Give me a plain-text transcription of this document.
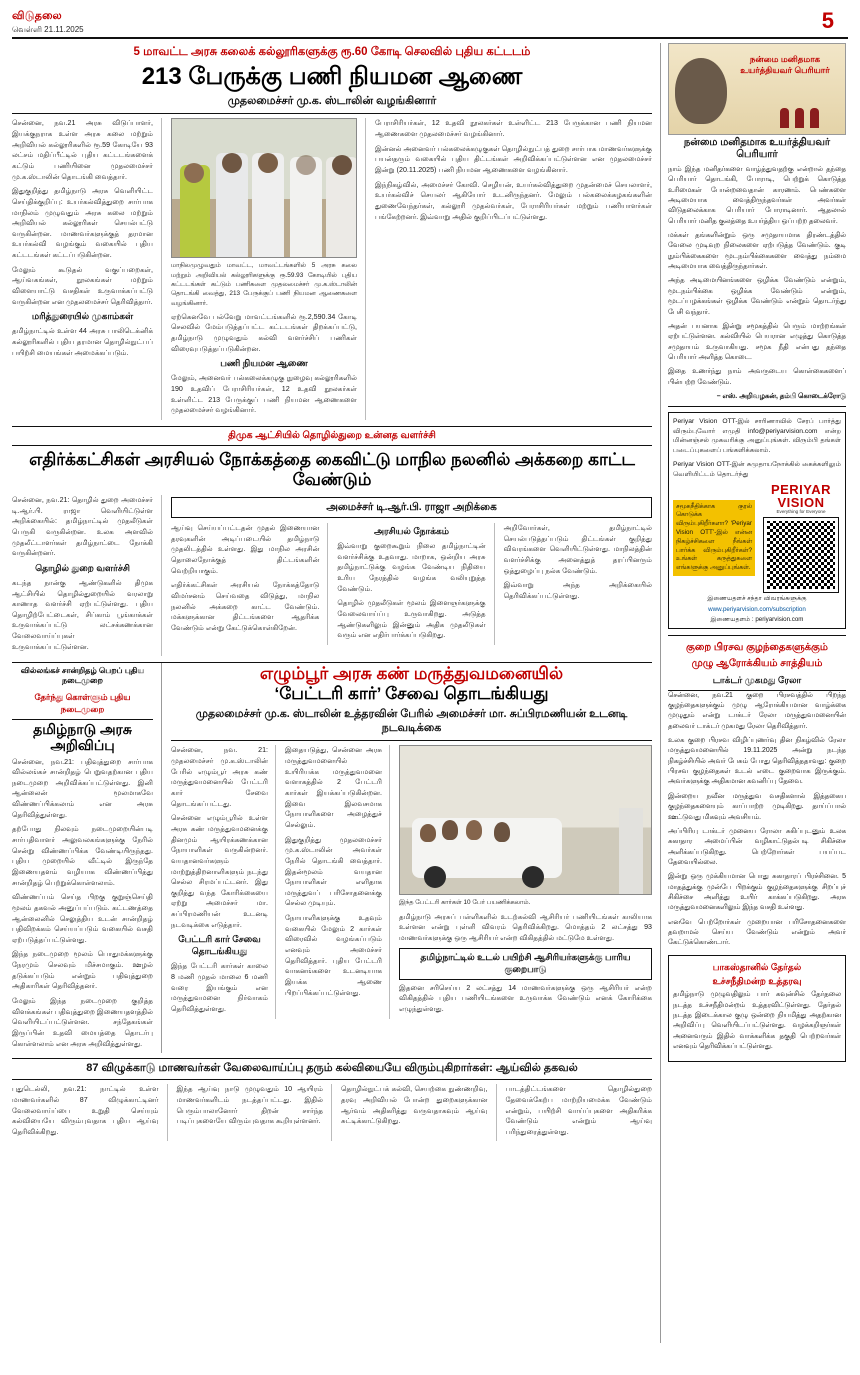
விடுதலை
வெள்ளி 21.11.2025	5
5 மாவட்ட அரசு கலைக் கல்லூரிகளுக்கு ரூ.60 கோடி செலவில் புதிய கட்டடம்
213 பேருக்கு பணி நியமன ஆணை
முதலமைச்சர் மு.க. ஸ்டாலின் வழங்கினார்

சென்னை, நவ.21 அரசு விடுப்பாளர், இயக்குநராக உள்ள அரசு கலை மற்றும் அறிவியல் கல்லூரிகளில் ரூ.59 கோடியே 93 லட்சம் மதிப்பீட்டில் புதிய கட்டடங்களைக் கட்டும் பணியினை முதலமைச்சர் மு.க.ஸ்டாலின் தொடங்கி வைத்தார்.

இதுகுறித்து தமிழ்நாடு அரசு வெளியிட்ட செய்திக்குறிப்பு: உயர்கல்வித்துறை சார்பாக மாநிலம் முழுவதும் அரசு கலை மற்றும் அறிவியல் கல்லூரிகள் செயல்பட்டு வருகின்றன. மாணவர்களுக்குத் தரமான உயர்கல்வி வழங்கும் வகையில் புதிய கட்டடங்கள் கட்டப்படுகின்றன.

மேலும் கூடுதல் வகுப்பறைகள், ஆய்வகங்கள், நூலகங்கள் மற்றும் விளையாட்டு வசதிகள் உருவாக்கப்பட்டு வருகின்றன என முதலமைச்சர் தெரிவித்தார்.

மரித்துரையில் முகாம்கள்

தமிழ்நாட்டில் உள்ள 44 அரசு பாலிடெக்னிக் கல்லூரிகளில் புதிய தரமான தொழில்நுட்பப் பயிற்சி மையங்கள் அமைக்கப்படும்.

மாநிலமுழுவதும் மாவட்ட, மாவட்டங்களில் 5 அரசு கலை மற்றும் அறிவியல் கல்லூரிகளுக்கு ரூ.59.93 கோடியில் புதிய கட்டடங்கள் கட்டும் பணிகளை முதலமைச்சர் மு.க.ஸ்டாலின் தொடங்கி வைத்து, 213 பேருக்குப் பணி நியமன ஆணைகளை வழங்கினார்.

ஏற்கெனவே பல்வேறு மாவட்டங்களில் ரூ.2,590.34 கோடி செலவில் மேம்படுத்தப்பட்ட கட்டடங்கள் திறக்கப்பட்டு, தமிழ்நாடு முழுவதும் கல்வி வளர்ச்சிப் பணிகள் விரைவுபடுத்தப்படுகின்றன.

பணி நியமன ஆணை

மேலும், அனைவர் பல்கலைக்கழுகு நுழைவு கல்லூரிகளில் 190 உதவிப் பேராசிரியர்கள், 12 உதவி நூலகர்கள் உள்ளிட்ட 213 பேருக்குப் பணி நியமன ஆணைகளை முதலமைச்சர் வழங்கினார்.

பேராசிரியர்கள், 12 உதவி நூலகர்கள் உள்ளிட்ட 213 பேருக்கான பணி நியமன ஆணைகளை முதலமைச்சர் வழங்கினார்.

இன்னல் அனைவர் பல்கலைக்கழுகுகள் தொழில்நுட்பத் துறை சார்பாக மாணவர்களுக்கு பயன்தரும் வகையில் புதிய திட்டங்கள் அறிவிக்கப்பட்டுள்ளன என முதலமைச்சர் இன்று (20.11.2025) பணி நியமன ஆணைகளை வழங்கினார்.

இந்நிகழ்வில், அமைச்சர் கோவி. செழியன், உயர்கல்வித்துறை முதன்மைச் செயலாளர், உயர்கல்விச் செயலர் ஆகியோர் உடனிருந்தனர். மேலும் பல்கலைக்கழகங்களின் துணைவேந்தர்கள், கல்லூரி முதல்வர்கள், பேராசிரியர்கள் மற்றும் பணியாளர்கள் பங்கேற்றனர். இவ்வாறு அதில் குறிப்பிடப்பட்டுள்ளது.

திமுக ஆட்சியில் தொழில்துறை உன்னத வளர்ச்சி
எதிர்க்கட்சிகள் அரசியல் நோக்கத்தை கைவிட்டு மாநில நலனில் அக்கறை காட்ட வேண்டும்

சென்னை, நவ.21: தொழில் துறை அமைச்சர் டி.ஆர்.பி. ராஜா வெளியிட்டுள்ள அறிக்கையில்: தமிழ்நாட்டில் முதலீடுகள் பெருகி வருகின்றன. உலக அளவில் முதலீட்டாளர்கள் தமிழ்நாட்டை நோக்கி வருகின்றனர்.

தொழில் துறை வளர்ச்சி

கடந்த நான்கு ஆண்டுகளில் திமுக ஆட்சியில் தொழில்துறையில் வரலாறு காணாத வளர்ச்சி ஏற்பட்டுள்ளது. புதிய தொழிற்பேட்டைகள், சிப்காம் பூங்காக்கள் உருவாக்கப்பட்டு லட்சக்கணக்கான வேலைவாய்ப்புகள் உருவாக்கப்பட்டுள்ளன.

அமைச்சர் டி.ஆர்.பி. ராஜா அறிக்கை

ஆய்வு செய்யப்பட்டதன் முதல் இணையான தரவுகளின் அடிப்படையில் தமிழ்நாடு முதலிடத்தில் உள்ளது. இது மாநில அரசின் தொலைநோக்குத் திட்டங்களின் வெற்றியாகும்.

எதிர்க்கட்சிகள் அரசியல் நோக்கத்தோடு விமர்சனம் செய்வதை விடுத்து, மாநில நலனில் அக்கறை காட்ட வேண்டும். மக்களுக்கான திட்டங்களை ஆதரிக்க வேண்டும் என்று கேட்டுக்கொள்கிறேன்.

அரசியல் நோக்கம்

இவ்வாறு குறைகூறும் நிலை தமிழ்நாட்டின் வளர்ச்சிக்கு உதவாது. மாறாக, ஒன்றிய அரசு தமிழ்நாட்டுக்கு வழங்க வேண்டிய நிதியை உரிய நேரத்தில் வழங்க வலியுறுத்த வேண்டும்.

தொழில் முதலீடுகள் மூலம் இளைஞர்களுக்கு வேலைவாய்ப்பு உருவாகிறது. அடுத்த ஆண்டுகளிலும் இன்னும் அதிக முதலீடுகள் வரும் என எதிர்பார்க்கப்படுகிறது.

அறிவோர்கள், தமிழ்நாட்டில் செயல்படுத்தப்படும் திட்டங்கள் குறித்து விவரங்களை வெளியிட்டுள்ளது. மாநிலத்தின் வளர்ச்சிக்கு அனைத்துத் தரப்பினரும் ஒத்துழைப்பு நல்க வேண்டும்.

இவ்வாறு அந்த அறிக்கையில் தெரிவிக்கப்பட்டுள்ளது.

வில்லங்கச் சான்றிதழ் பெறப் புதிய நடைமுறை
தேர்ந்து கொள்ளும் புதிய நடைமுறை
தமிழ்நாடு அரசு அறிவிப்பு

சென்னை, நவ.21: பதிவுத்துறை சார்பாக வில்லங்கச் சான்றிதழ் பெறுவதற்கான புதிய நடைமுறை அறிவிக்கப்பட்டுள்ளது. இனி ஆன்லைன் மூலமாகவே விண்ணப்பிக்கலாம் என அரசு தெரிவித்துள்ளது.

தற்போது நிலவும் நடைமுறையின்படி சார்பதிவாளர் அலுவலகங்களுக்கு நேரில் சென்று விண்ணப்பிக்க வேண்டியிருந்தது. புதிய முறையில் வீட்டில் இருந்தே இணையதளம் வழியாக விண்ணப்பித்து சான்றிதழ் பெற்றுக்கொள்ளலாம்.

விண்ணப்பம் செய்த பிறகு குறுஞ்செய்தி மூலம் தகவல் அனுப்பப்படும். கட்டணத்தை ஆன்லைனில் செலுத்திய உடன் சான்றிதழ் பதிவிறக்கம் செய்யப்படும் வகையில் வசதி ஏற்படுத்தப்பட்டுள்ளது.

இந்த நடைமுறை மூலம் பொதுமக்களுக்கு நேரமும் செலவும் மிச்சமாகும். ஊழல் தடுக்கப்படும் என்றும் பதிவுத்துறை அதிகாரிகள் தெரிவித்தனர்.

மேலும் இந்த நடைமுறை குறித்த விளக்கங்கள் பதிவுத்துறை இணையதளத்தில் வெளியிடப்பட்டுள்ளன. சந்தேகங்கள் இருப்பின் உதவி மையத்தை தொடர்பு கொள்ளலாம் என அரசு அறிவித்துள்ளது.

எழும்பூர் அரசு கண் மருத்துவமனையில்
‘பேட்டரி கார்’ சேவை தொடங்கியது
முதலமைச்சர் மு.க. ஸ்டாலின் உத்தரவின் பேரில் அமைச்சர் மா. சுப்பிரமணியன் உடனடி நடவடிக்கை

சென்னை, நவ. 21: முதலமைச்சர் மு.க.ஸ்டாலின் பேரில் எழும்பூர் அரசு கண் மருத்துவமனையில் பேட்டரி கார் சேவை தொடங்கப்பட்டது.

சென்னை எழும்பூரில் உள்ள அரசு கண் மருத்துவமனைக்கு தினமும் ஆயிரக்கணக்கான நோயாளிகள் வருகின்றனர். வயதானவர்களும் மாற்றுத்திறனாளிகளும் நடந்து செல்ல சிரமப்பட்டனர். இது குறித்து வந்த கோரிக்கையை ஏற்று அமைச்சர் மா. சுப்பிரமணியன் உடனடி நடவடிக்கை எடுத்தார்.

பேட்டரி கார் சேவை தொடங்கியது

இந்த பேட்டரி கார்கள் காலை 8 மணி முதல் மாலை 6 மணி வரை இயங்கும் என மருத்துவமனை நிர்வாகம் தெரிவித்துள்ளது.

இதையடுத்து, சென்னை அரசு மருத்துவமனையில் உயிரியக்க மருத்துவமனை வளாகத்தில் 2 பேட்டரி கார்கள் இயக்கப்படுகின்றன. இவை இலவசமாக நோயாளிகளை அழைத்துச் செல்லும்.

இதுகுறித்து முதலமைச்சர் மு.க.ஸ்டாலின் அவர்கள் நேரில் தொடங்கி வைத்தார். இதன்மூலம் வயதான நோயாளிகள் எளிதாக மருத்துவப் பரிசோதனைக்கு செல்ல முடியும்.

நோயாளிகளுக்கு உதவும் வகையில் மேலும் 2 கார்கள் விரைவில் வழங்கப்படும் எனவும் அமைச்சர் தெரிவித்தார். புதிய பேட்டரி வாகனங்களை உடனடியாக இயக்க ஆணை பிறப்பிக்கப்பட்டுள்ளது.

இந்த பேட்டரி கார்கள் 10 பேர் பயணிக்கலாம்.

தமிழ்நாடு அரசுப் பள்ளிகளில் உடற்கல்வி ஆசிரியர் பணியிடங்கள் காலியாக உள்ளன என்று புள்ளி விவரம் தெரிவிக்கிறது. மொத்தம் 2 லட்சத்து 93 மாணவர்களுக்கு ஒரு ஆசிரியர் என்ற விகிதத்தில் மட்டுமே உள்ளது.

தமிழ்நாட்டில் உடல் பயிற்சி ஆசிரியர்களுக்கு பாரிய குறைபாடு

இதனை சரிசெய்ய 2 லட்சத்து 14 மாணவர்களுக்கு ஒரு ஆசிரியர் என்ற விகிதத்தில் புதிய பணியிடங்களை உருவாக்க வேண்டும் எனக் கோரிக்கை எழுந்துள்ளது.

87 விழுக்காடு மாணவர்கள் வேலைவாய்ப்பு தரும் கல்வியையே விரும்புகிறார்கள்: ஆய்வில் தகவல்

புதுடெல்லி, நவ.21: நாட்டில் உள்ள மாணவர்களில் 87 விழுக்காட்டினர் வேலைவாய்ப்பை உறுதி செய்யும் கல்வியையே விரும்புவதாக புதிய ஆய்வு தெரிவிக்கிறது.

இந்த ஆய்வு நாடு முழுவதும் 10 ஆயிரம் மாணவர்களிடம் நடத்தப்பட்டது. இதில் பெரும்பாலானோர் திறன் சார்ந்த படிப்புகளையே விரும்புவதாக கூறியுள்ளனர்.

தொழில்நுட்பக் கல்வி, செயற்கை நுண்ணறிவு, தரவு அறிவியல் போன்ற துறைகளுக்கான ஆர்வம் அதிகரித்து வருவதாகவும் ஆய்வு சுட்டிக்காட்டுகிறது.

பாடத்திட்டங்களை தொழில்துறை தேவைக்கேற்ப மாற்றியமைக்க வேண்டும் என்றும், பயிற்சி வாய்ப்புகளை அதிகரிக்க வேண்டும் என்றும் ஆய்வு பரிந்துரைத்துள்ளது.

நன்மை மனிதமாக உயர்த்தியவர் பெரியார்
நன்மை மனிதமாக உயர்த்தியவர் பெரியார்

நாம் இந்த மனிதர்களை வாழ்த்துவதற்கு என்றால் தந்தை பெரியார் தொடங்கி, போராடி, பெற்றுக் கொடுத்த உரிமைகள் போன்றவைதான் காரணம். பெண்களை அடிமையாக வைத்திருந்தவர்கள் அவர்கள் விடுதலைக்காக பெரியார் போராடினார். ஆதலால் பெரியார் மனித குலத்தை உயர்த்திய ஒப்பற்ற தலைவர்.

மக்கள் தங்களின்றும் ஒரு சமுதாயமாக திரண்டத்தில் வேலை முடிவுற நிலைகளை ஏற்படுத்த வேண்டும். குடி நும்பிக்கைகளை மூடநம்பிக்கைகளை வைத்து நம்மை அடிமையாக வைத்திருந்தார்கள்.

அந்த அடிமையினங்களை ஒழிக்க வேண்டும் என்றும், மூடநம்பிக்கை ஒழிக்க வேண்டும் என்றும், மூடப்பழக்கங்கள் ஒழிக்க வேண்டும் என்றும் தொடர்ந்து பேசி வந்தார்.

அதன் பயனாக இன்று சமூகத்தில் பெரும் மாற்றங்கள் ஏற்பட்டுள்ளன. கல்வியில் பெயரான எழுத்து கொடுத்த சமுதாயம் உருவாகியது. சமூக நீதி என்பது தந்தை பெரியார் அளித்த கொடை.

இதை உணர்ந்து நாம் அவருடைய கொள்கைகளைப் பின்பற்ற வேண்டும்.

– எஸ். அறிவழகன், தம்பி கொடைக்ரோடு

Periyar Vision OTT-இல் சாரிணாவில் சேரப் பார்த்து விரும்புவோர் எமுதி info@periyarvision.com என்ற மின்னஞ்சல் முகவரிக்கு அனுப்புங்கள். விரும்பி தங்கள் படைப்புகளைப் பங்களிக்கலாம்.

Periyar Vision OTT-இன் சுமுதாயநோக்கில் கைக்களிலும் வெளியிட்டம் தொடர்ந்து

சமூகநீதிக்காக குரல் கொடுக்க விரும்புகிறீர்களா? ‘Periyar Vision OTT’-இல் என்ன நிகழ்ச்சிகளை நீங்கள் பார்க்க விரும்புகிறீர்கள்? உங்கள் கருத்துகளை எங்களுக்கு அனுப்புங்கள்.
PERIYAR VISION
Everything for Everyone
இணையதளச் சந்தா விவரங்களுக்கு
www.periyarvision.com/subscription
இணையதளம் : periyarvision.com
குறை பிரசவ குழந்தைகளுக்கும்
முழு ஆரோக்கியம் சாத்தியம்
டாக்டர் முகமது ரேலா

சென்னை, நவ.21 குறை பிரசவத்தில் பிறந்த குழந்தைகளுக்கும் முழு ஆரோக்கியமான வாழ்க்கை முழுதும் என்று டாக்டர் ரேலா மருத்துவமனையின் தலைவர் டாக்டர் முகமது ரேலா தெரிவித்தார்.

உலக குறை பிரசவ விழிப்புணர்வு தின நிகழ்வில் ரேலா மருத்துவமனையில் 19.11.2025 அன்று நடந்த நிகழ்ச்சியில் அவர் பேசும் போது தெரிவித்ததாவது: குறை பிரசவ குழந்தைகள் உடல் எடை குறைவாக இருக்கும். அவர்களுக்கு அதிகமான கவனிப்பு தேவை.

இன்றைய நவீன மருத்துவ வசதிகளால் இத்தகைய குழந்தைகளையும் காப்பாற்ற முடிகிறது. தாய்ப்பால் ஊட்டுவது மிகவும் அவசியம்.

அப்பிரியு டாக்டர் முனைய ரோலா சுகிப்புடனும் உலக சுகாதார அமைப்பின் வழிகாட்டுதல்படி சிகிச்சை அளிக்கப்படுகிறது. பெற்றோர்கள் பயப்பட தேவையில்லை.

இன்று ஒரு முக்கியமான பொது சுகாதாரப் பிரச்சினை. 5 மாதத்துக்கு முன்பே பிறக்கும் குழந்தைகளுக்கு சிறப்புச் சிகிச்சை அளித்து உயிர் காக்கப்படுகிறது. அரசு மருத்துவமனைகளிலும் இந்த வசதி உள்ளது.

எனவே பெற்றோர்கள் முறையான பரிசோதனைகளை தவறாமல் செய்ய வேண்டும் என்றும் அவர் கேட்டுக்கொண்டார்.

பாகஸ்தானில் தேர்தல்
உச்சநீதிமன்ற உத்தரவு

தமிழ்நாடு முழுவதிலும் பார் கவுன்சில் தேர்தலை நடத்த உச்சநீதிமன்றம் உத்தரவிட்டுள்ளது. தேர்தல் நடத்த இடைக்கால குழு ஒன்றை நியமித்து அதற்கான அறிவிப்பு வெளியிடப்பட்டுள்ளது. வழக்கறிஞர்கள் அனைவரும் இதில் வாக்களிக்க தகுதி பெற்றவர்கள் எனவும் தெரிவிக்கப்பட்டுள்ளது.
